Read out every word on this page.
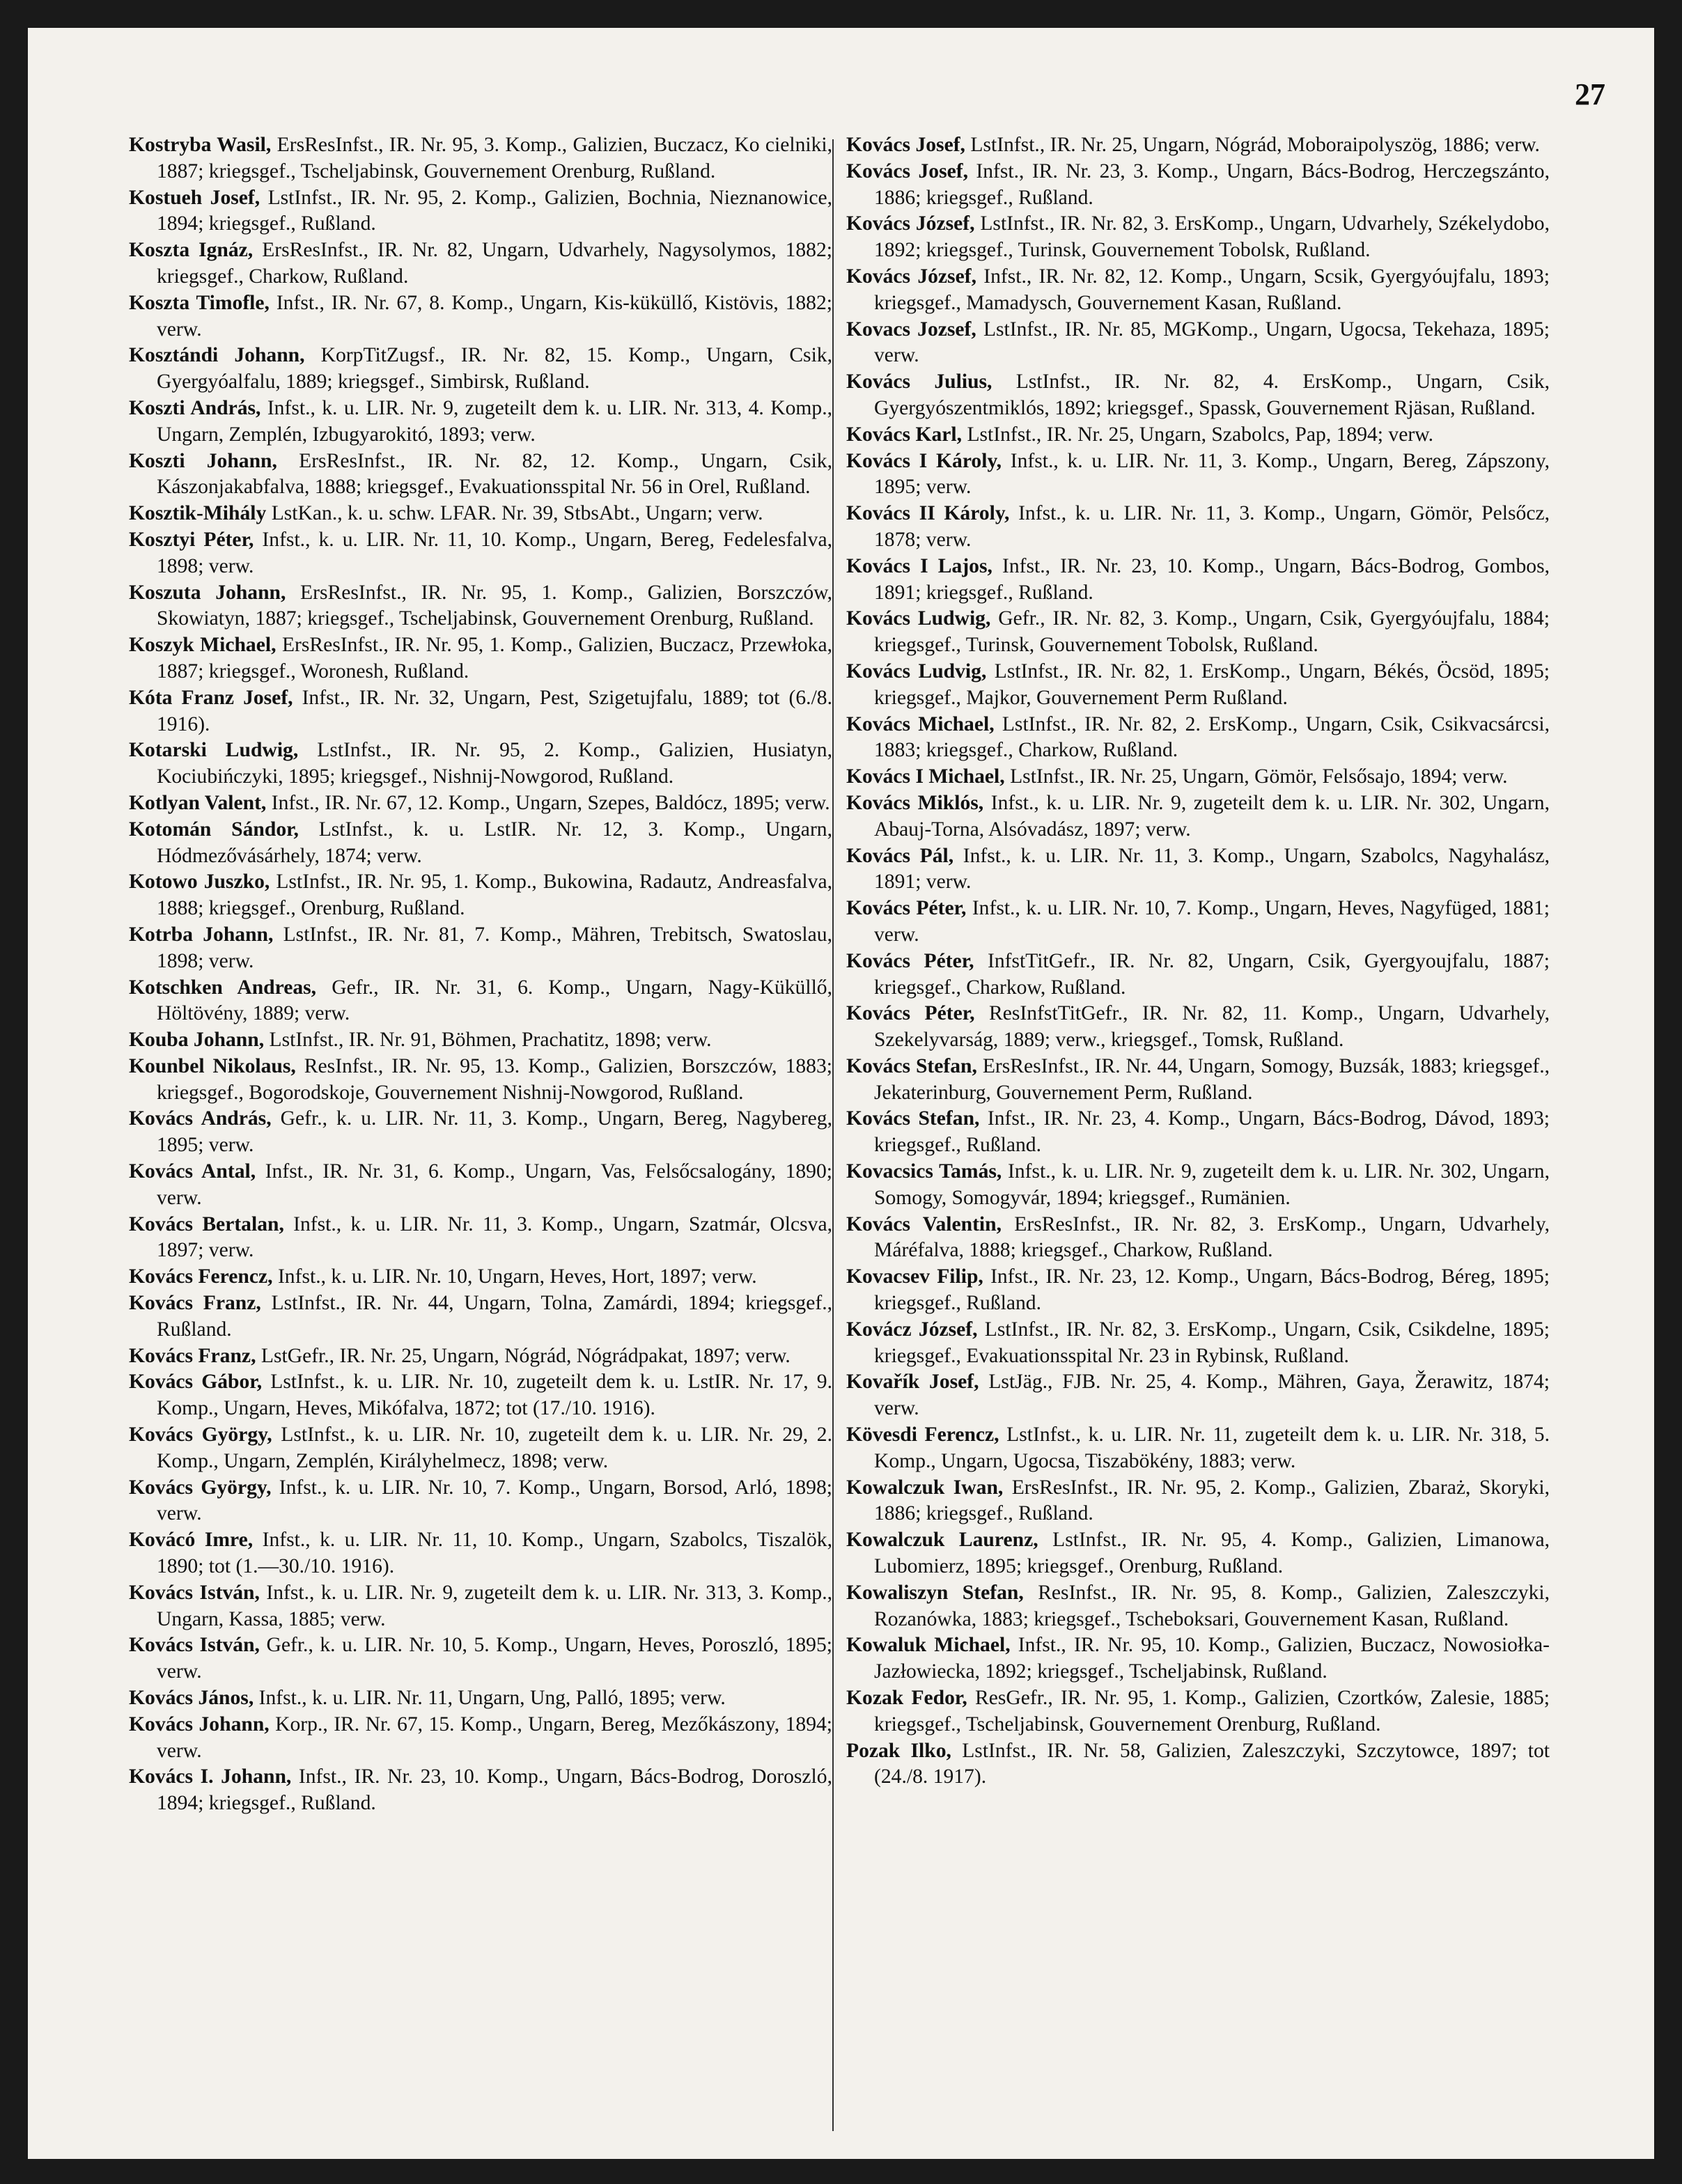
27

Kostryba Wasil, ErsResInfst., IR. Nr. 95, 3. Komp., Galizien, Buczacz, Ko cielniki, 1887; kriegsgef., Tscheljabinsk, Gouvernement Orenburg, Rußland.

Kostueh Josef, LstInfst., IR. Nr. 95, 2. Komp., Galizien, Bochnia, Nieznanowice, 1894; kriegsgef., Rußland.

Koszta Ignáz, ErsResInfst., IR. Nr. 82, Ungarn, Udvarhely, Nagysolymos, 1882; kriegsgef., Charkow, Rußland.

Koszta Timofle, Infst., IR. Nr. 67, 8. Komp., Ungarn, Kis-küküllő, Kistövis, 1882; verw.

Kosztándi Johann, KorpTitZugsf., IR. Nr. 82, 15. Komp., Ungarn, Csik, Gyergyóalfalu, 1889; kriegsgef., Simbirsk, Rußland.

Koszti András, Infst., k. u. LIR. Nr. 9, zugeteilt dem k. u. LIR. Nr. 313, 4. Komp., Ungarn, Zemplén, Izbugyarokitó, 1893; verw.

Koszti Johann, ErsResInfst., IR. Nr. 82, 12. Komp., Ungarn, Csik, Kászonjakabfalva, 1888; kriegsgef., Evakuationsspital Nr. 56 in Orel, Rußland.

Kosztik-Mihály LstKan., k. u. schw. LFAR. Nr. 39, StbsAbt., Ungarn; verw.

Kosztyi Péter, Infst., k. u. LIR. Nr. 11, 10. Komp., Ungarn, Bereg, Fedelesfalva, 1898; verw.

Koszuta Johann, ErsResInfst., IR. Nr. 95, 1. Komp., Galizien, Borszczów, Skowiatyn, 1887; kriegsgef., Tscheljabinsk, Gouvernement Orenburg, Rußland.

Koszyk Michael, ErsResInfst., IR. Nr. 95, 1. Komp., Galizien, Buczacz, Przewłoka, 1887; kriegsgef., Woronesh, Rußland.

Kóta Franz Josef, Infst., IR. Nr. 32, Ungarn, Pest, Szigetujfalu, 1889; tot (6./8. 1916).

Kotarski Ludwig, LstInfst., IR. Nr. 95, 2. Komp., Galizien, Husiatyn, Kociubińczyki, 1895; kriegsgef., Nishnij-Nowgorod, Rußland.

Kotlyan Valent, Infst., IR. Nr. 67, 12. Komp., Ungarn, Szepes, Baldócz, 1895; verw.

Kotomán Sándor, LstInfst., k. u. LstIR. Nr. 12, 3. Komp., Ungarn, Hódmezővásárhely, 1874; verw.

Kotowo Juszko, LstInfst., IR. Nr. 95, 1. Komp., Bukowina, Radautz, Andreasfalva, 1888; kriegsgef., Orenburg, Rußland.

Kotrba Johann, LstInfst., IR. Nr. 81, 7. Komp., Mähren, Trebitsch, Swatoslau, 1898; verw.

Kotschken Andreas, Gefr., IR. Nr. 31, 6. Komp., Ungarn, Nagy-Küküllő, Höltövény, 1889; verw.

Kouba Johann, LstInfst., IR. Nr. 91, Böhmen, Prachatitz, 1898; verw.

Kounbel Nikolaus, ResInfst., IR. Nr. 95, 13. Komp., Galizien, Borszczów, 1883; kriegsgef., Bogorodskoje, Gouvernement Nishnij-Nowgorod, Rußland.

Kovács András, Gefr., k. u. LIR. Nr. 11, 3. Komp., Ungarn, Bereg, Nagybereg, 1895; verw.

Kovács Antal, Infst., IR. Nr. 31, 6. Komp., Ungarn, Vas, Felsőcsalogány, 1890; verw.

Kovács Bertalan, Infst., k. u. LIR. Nr. 11, 3. Komp., Ungarn, Szatmár, Olcsva, 1897; verw.

Kovács Ferencz, Infst., k. u. LIR. Nr. 10, Ungarn, Heves, Hort, 1897; verw.

Kovács Franz, LstInfst., IR. Nr. 44, Ungarn, Tolna, Zamárdi, 1894; kriegsgef., Rußland.

Kovács Franz, LstGefr., IR. Nr. 25, Ungarn, Nógrád, Nógrádpakat, 1897; verw.

Kovács Gábor, LstInfst., k. u. LIR. Nr. 10, zugeteilt dem k. u. LstIR. Nr. 17, 9. Komp., Ungarn, Heves, Mikófalva, 1872; tot (17./10. 1916).

Kovács György, LstInfst., k. u. LIR. Nr. 10, zugeteilt dem k. u. LIR. Nr. 29, 2. Komp., Ungarn, Zemplén, Királyhelmecz, 1898; verw.

Kovács György, Infst., k. u. LIR. Nr. 10, 7. Komp., Ungarn, Borsod, Arló, 1898; verw.

Kovácó Imre, Infst., k. u. LIR. Nr. 11, 10. Komp., Ungarn, Szabolcs, Tiszalök, 1890; tot (1.—30./10. 1916).

Kovács István, Infst., k. u. LIR. Nr. 9, zugeteilt dem k. u. LIR. Nr. 313, 3. Komp., Ungarn, Kassa, 1885; verw.

Kovács István, Gefr., k. u. LIR. Nr. 10, 5. Komp., Ungarn, Heves, Poroszló, 1895; verw.

Kovács János, Infst., k. u. LIR. Nr. 11, Ungarn, Ung, Palló, 1895; verw.

Kovács Johann, Korp., IR. Nr. 67, 15. Komp., Ungarn, Bereg, Mezőkászony, 1894; verw.

Kovács I. Johann, Infst., IR. Nr. 23, 10. Komp., Ungarn, Bács-Bodrog, Doroszló, 1894; kriegsgef., Rußland.

Kovács Josef, LstInfst., IR. Nr. 25, Ungarn, Nógrád, Moboraipolyszög, 1886; verw.

Kovács Josef, Infst., IR. Nr. 23, 3. Komp., Ungarn, Bács-Bodrog, Herczegszánto, 1886; kriegsgef., Rußland.

Kovács József, LstInfst., IR. Nr. 82, 3. ErsKomp., Ungarn, Udvarhely, Székelydobo, 1892; kriegsgef., Turinsk, Gouvernement Tobolsk, Rußland.

Kovács József, Infst., IR. Nr. 82, 12. Komp., Ungarn, Scsik, Gyergyóujfalu, 1893; kriegsgef., Mamadysch, Gouvernement Kasan, Rußland.

Kovacs Jozsef, LstInfst., IR. Nr. 85, MGKomp., Ungarn, Ugocsa, Tekehaza, 1895; verw.

Kovács Julius, LstInfst., IR. Nr. 82, 4. ErsKomp., Ungarn, Csik, Gyergyószentmiklós, 1892; kriegsgef., Spassk, Gouvernement Rjäsan, Rußland.

Kovács Karl, LstInfst., IR. Nr. 25, Ungarn, Szabolcs, Pap, 1894; verw.

Kovács I Károly, Infst., k. u. LIR. Nr. 11, 3. Komp., Ungarn, Bereg, Zápszony, 1895; verw.

Kovács II Károly, Infst., k. u. LIR. Nr. 11, 3. Komp., Ungarn, Gömör, Pelsőcz, 1878; verw.

Kovács I Lajos, Infst., IR. Nr. 23, 10. Komp., Ungarn, Bács-Bodrog, Gombos, 1891; kriegsgef., Rußland.

Kovács Ludwig, Gefr., IR. Nr. 82, 3. Komp., Ungarn, Csik, Gyergyóujfalu, 1884; kriegsgef., Turinsk, Gouvernement Tobolsk, Rußland.

Kovács Ludvig, LstInfst., IR. Nr. 82, 1. ErsKomp., Ungarn, Békés, Öcsöd, 1895; kriegsgef., Majkor, Gouvernement Perm Rußland.

Kovács Michael, LstInfst., IR. Nr. 82, 2. ErsKomp., Ungarn, Csik, Csikvacsárcsi, 1883; kriegsgef., Charkow, Rußland.

Kovács I Michael, LstInfst., IR. Nr. 25, Ungarn, Gömör, Felsősajo, 1894; verw.

Kovács Miklós, Infst., k. u. LIR. Nr. 9, zugeteilt dem k. u. LIR. Nr. 302, Ungarn, Abauj-Torna, Alsóvadász, 1897; verw.

Kovács Pál, Infst., k. u. LIR. Nr. 11, 3. Komp., Ungarn, Szabolcs, Nagyhalász, 1891; verw.

Kovács Péter, Infst., k. u. LIR. Nr. 10, 7. Komp., Ungarn, Heves, Nagyfüged, 1881; verw.

Kovács Péter, InfstTitGefr., IR. Nr. 82, Ungarn, Csik, Gyergyoujfalu, 1887; kriegsgef., Charkow, Rußland.

Kovács Péter, ResInfstTitGefr., IR. Nr. 82, 11. Komp., Ungarn, Udvarhely, Szekelyvarság, 1889; verw., kriegsgef., Tomsk, Rußland.

Kovács Stefan, ErsResInfst., IR. Nr. 44, Ungarn, Somogy, Buzsák, 1883; kriegsgef., Jekaterinburg, Gouvernement Perm, Rußland.

Kovács Stefan, Infst., IR. Nr. 23, 4. Komp., Ungarn, Bács-Bodrog, Dávod, 1893; kriegsgef., Rußland.

Kovacsics Tamás, Infst., k. u. LIR. Nr. 9, zugeteilt dem k. u. LIR. Nr. 302, Ungarn, Somogy, Somogyvár, 1894; kriegsgef., Rumänien.

Kovács Valentin, ErsResInfst., IR. Nr. 82, 3. ErsKomp., Ungarn, Udvarhely, Máréfalva, 1888; kriegsgef., Charkow, Rußland.

Kovacsev Filip, Infst., IR. Nr. 23, 12. Komp., Ungarn, Bács-Bodrog, Béreg, 1895; kriegsgef., Rußland.

Kovácz József, LstInfst., IR. Nr. 82, 3. ErsKomp., Ungarn, Csik, Csikdelne, 1895; kriegsgef., Evakuationsspital Nr. 23 in Rybinsk, Rußland.

Kovařík Josef, LstJäg., FJB. Nr. 25, 4. Komp., Mähren, Gaya, Žerawitz, 1874; verw.

Kövesdi Ferencz, LstInfst., k. u. LIR. Nr. 11, zugeteilt dem k. u. LIR. Nr. 318, 5. Komp., Ungarn, Ugocsa, Tiszabökény, 1883; verw.

Kowalczuk Iwan, ErsResInfst., IR. Nr. 95, 2. Komp., Galizien, Zbaraż, Skoryki, 1886; kriegsgef., Rußland.

Kowalczuk Laurenz, LstInfst., IR. Nr. 95, 4. Komp., Galizien, Limanowa, Lubomierz, 1895; kriegsgef., Orenburg, Rußland.

Kowaliszyn Stefan, ResInfst., IR. Nr. 95, 8. Komp., Galizien, Zaleszczyki, Rozanówka, 1883; kriegsgef., Tscheboksari, Gouvernement Kasan, Rußland.

Kowaluk Michael, Infst., IR. Nr. 95, 10. Komp., Galizien, Buczacz, Nowosiołka-Jazłowiecka, 1892; kriegsgef., Tscheljabinsk, Rußland.

Kozak Fedor, ResGefr., IR. Nr. 95, 1. Komp., Galizien, Czortków, Zalesie, 1885; kriegsgef., Tscheljabinsk, Gouvernement Orenburg, Rußland.

Pozak Ilko, LstInfst., IR. Nr. 58, Galizien, Zaleszczyki, Szczytowce, 1897; tot (24./8. 1917).
